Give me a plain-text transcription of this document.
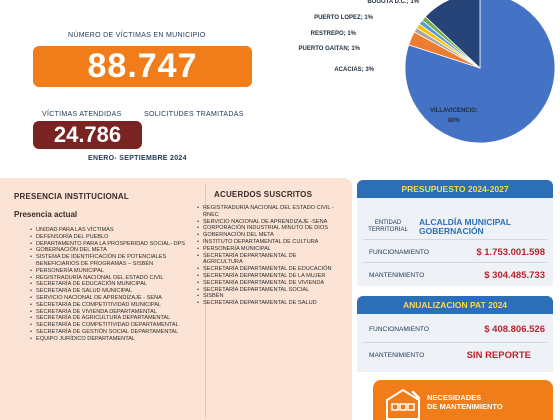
NÚMERO DE VÍCTIMAS EN MUNICIPIO
88.747
VÍCTIMAS ATENDIDAS	SOLICITUDES TRAMITADAS
24.786
ENERO- SEPTIEMBRE 2024
VILLAVICENCIO; 80%
ACACIAS; 3%
PUERTO GAITAN; 1%
RESTREPO; 1%
PUERTO LOPEZ; 1%
BOGOTA D.C.; 1%
PRESENCIA INSTITUCIONAL
Presencia actual
• UNIDAD PARA LAS VÍCTIMAS
• DEFENSORÍA DEL PUEBLO
• DEPARTAMENTO PARA LA PROSPERIDAD SOCIAL- DPS
• GOBERNACIÓN DEL META
• SISTEMA DE IDENTIFICACIÓN DE POTENCIALES BENEFICIARIOS DE PROGRAMAS – SISBÉN
• PERSONERÍA MUNICIPAL
• REGISTRADURÍA NACIONAL DEL ESTADO CIVIL
• SECRETARÍA DE EDUCACIÓN MUNICIPAL
• SECRETARÍA DE SALUD MUNICIPAL
• SERVICIO NACIONAL DE APRENDIZAJE - SENA
• SECRETARÍA DE COMPETITIVIDAD MUNICIPAL
• SECRETARÍA DE VIVIENDA DEPARTAMENTAL
• SECRETARÍA DE AGRICULTURA DEPARTAMENTAL
• SECRETARÍA DE COMPETITIVIDAD DEPARTAMENTAL
• SECRETARÍA DE GESTIÓN SOCIAL DEPARTAMENTAL
• EQUIPO JURÍDICO DEPARTAMENTAL
ACUERDOS SUSCRITOS
• REGISTRADURÍA NACIONAL DEL ESTADO CIVIL - RNEC
• SERVICIO NACIONAL DE APRENDIZAJE -SENA
• CORPORACIÓN INDUSTRIAL MINUTO DE DIOS
• GOBERNACIÓN DEL META
• INSTITUTO DEPARTAMENTAL DE CULTURA
• PERSONERÍA MUNICIPAL
• SECRETARÍA DEPARTAMENTAL DE AGRICULTURA
• SECRETARÍA DEPARTAMENTAL DE EDUCACIÓN
• SECRETARÍA DEPARTAMENTAL DE LA MUJER
• SECRETARÍA DEPARTAMENTAL DE VIVIENDA
• SECRETARÍA DEPARTAMENTAL SOCIAL
• SISBÉN
• SECRETARÍA DEPARTAMENTAL DE SALUD
PRESUPUESTO 2024-2027
ENTIDAD TERRITORIAL
ALCALDÍA MUNICIPAL GOBERNACIÓN
FUNCIONAMIENTO	$ 1.753.001.598
MANTENIMIENTO	$ 304.485.733
ANUALIZACION PAT 2024
FUNCIONAMIENTO	$ 408.806.526
MANTENIMIENTO	SIN REPORTE
NECESIDADES
DE MANTENIMIENTO
